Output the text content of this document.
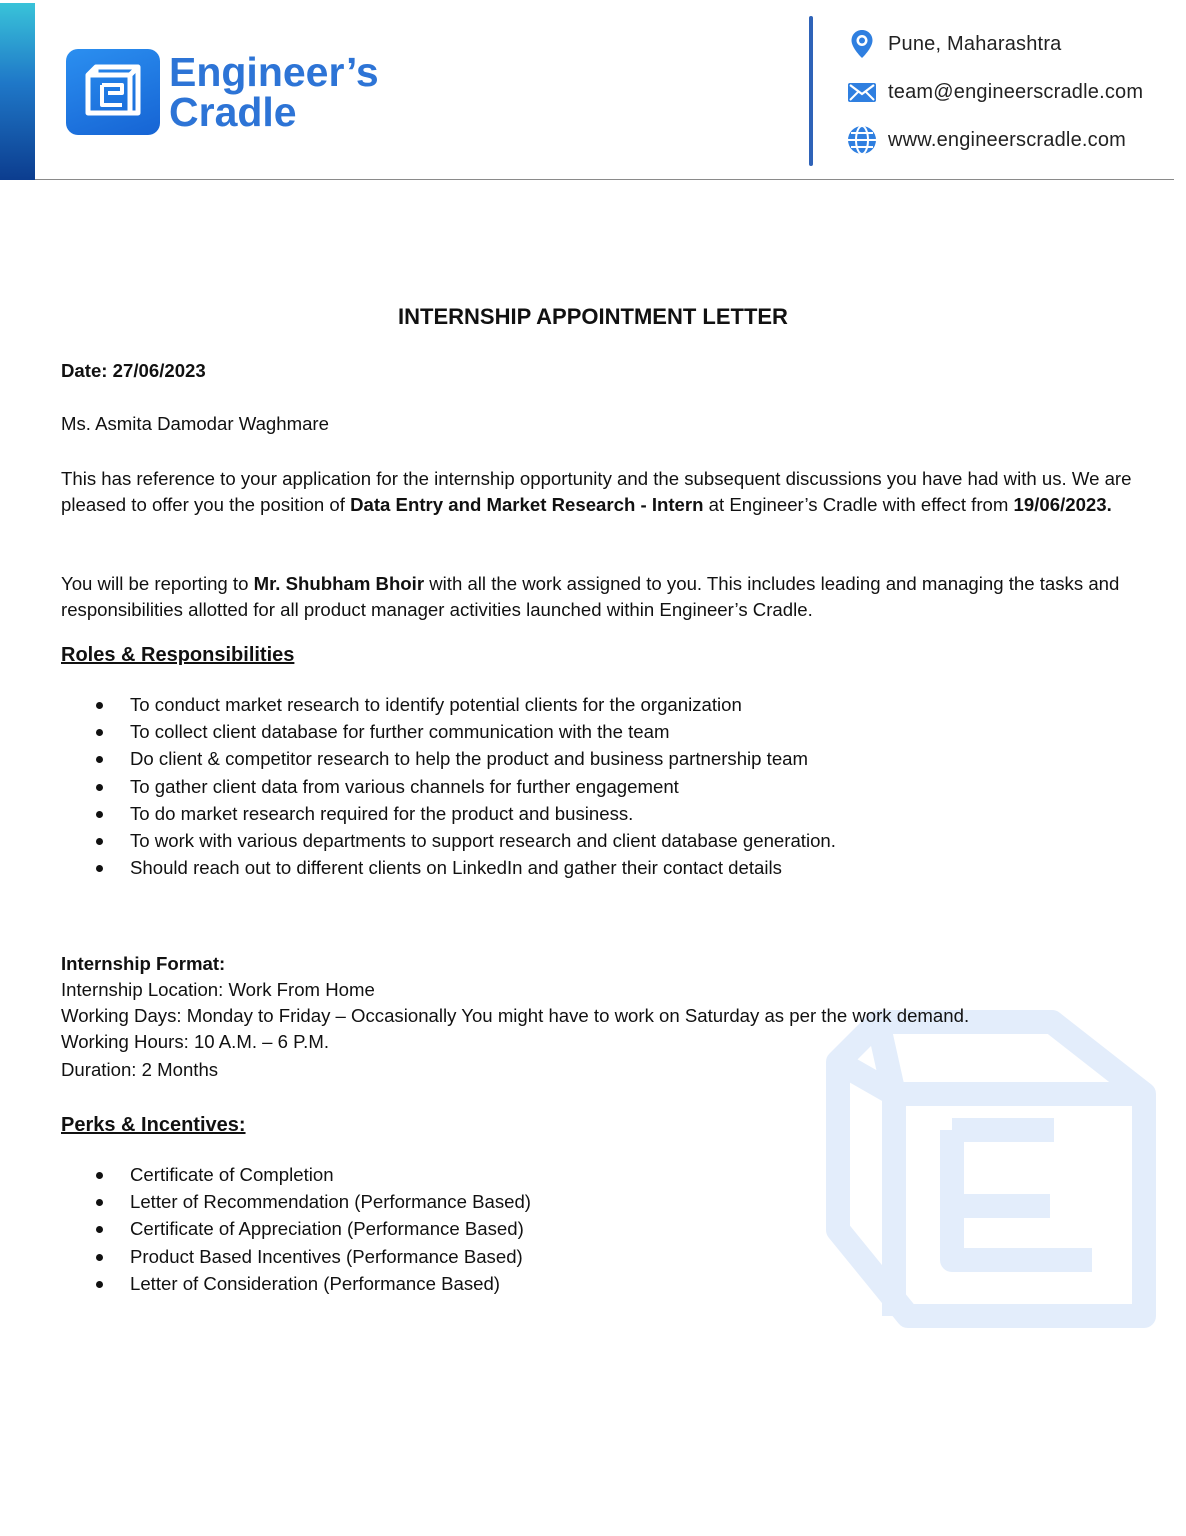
Engineer’s
Cradle
Pune, Maharashtra
team@engineerscradle.com
www.engineerscradle.com
INTERNSHIP APPOINTMENT LETTER
Date: 27/06/2023
Ms. Asmita Damodar Waghmare
This has reference to your application for the internship opportunity and the subsequent discussions you have had with us. We are pleased to offer you the position of Data Entry and Market Research - Intern at Engineer’s Cradle with effect from 19/06/2023.
You will be reporting to Mr. Shubham Bhoir with all the work assigned to you. This includes leading and managing the tasks and responsibilities allotted for all product manager activities launched within Engineer’s Cradle.
Roles & Responsibilities
To conduct market research to identify potential clients for the organization
To collect client database for further communication with the team
Do client & competitor research to help the product and business partnership team
To gather client data from various channels for further engagement
To do market research required for the product and business.
To work with various departments to support research and client database generation.
Should reach out to different clients on LinkedIn and gather their contact details
Internship Format:
Internship Location: Work From Home
Working Days: Monday to Friday – Occasionally You might have to work on Saturday as per the work demand.
Working Hours: 10 A.M. – 6 P.M.
Duration: 2 Months
Perks & Incentives:
Certificate of Completion
Letter of Recommendation (Performance Based)
Certificate of Appreciation (Performance Based)
Product Based Incentives (Performance Based)
Letter of Consideration (Performance Based)
